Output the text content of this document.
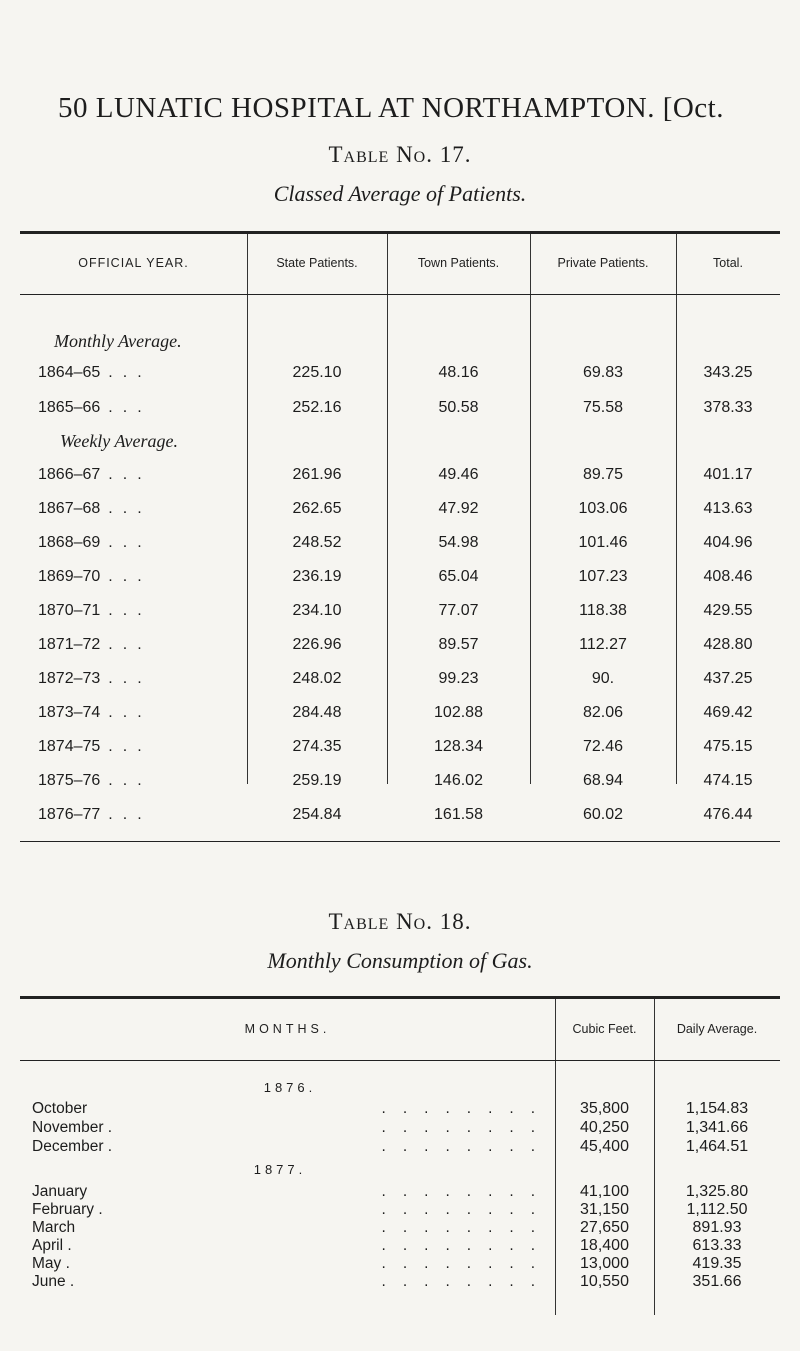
50 LUNATIC HOSPITAL AT NORTHAMPTON. [Oct.
Table No. 17.
Classed Average of Patients.
OFFICIAL YEAR.	State Patients.	Town Patients.	Private Patients.	Total.
Monthly Average.
1864–65 ...	225.10	48.16	69.83	343.25
1865–66 ...	252.16	50.58	75.58	378.33
Weekly Average.
1866–67 ...	261.96	49.46	89.75	401.17
1867–68 ...	262.65	47.92	103.06	413.63
1868–69 ...	248.52	54.98	101.46	404.96
1869–70 ...	236.19	65.04	107.23	408.46
1870–71 ...	234.10	77.07	118.38	429.55
1871–72 ...	226.96	89.57	112.27	428.80
1872–73 ...	248.02	99.23	90.	437.25
1873–74 ...	284.48	102.88	82.06	469.42
1874–75 ...	274.35	128.34	72.46	475.15
1875–76 ...	259.19	146.02	68.94	474.15
1876–77 ...	254.84	161.58	60.02	476.44
Table No. 18.
Monthly Consumption of Gas.
MONTHS.	Cubic Feet.	Daily Average.
1876.
October	........	35,800	1,154.83
November .	........	40,250	1,341.66
December .	........	45,400	1,464.51
1877.
January	........	41,100	1,325.80
February .	........	31,150	1,112.50
March	........	27,650	891.93
April .	........	18,400	613.33
May .	........	13,000	419.35
June .	........	10,550	351.66
